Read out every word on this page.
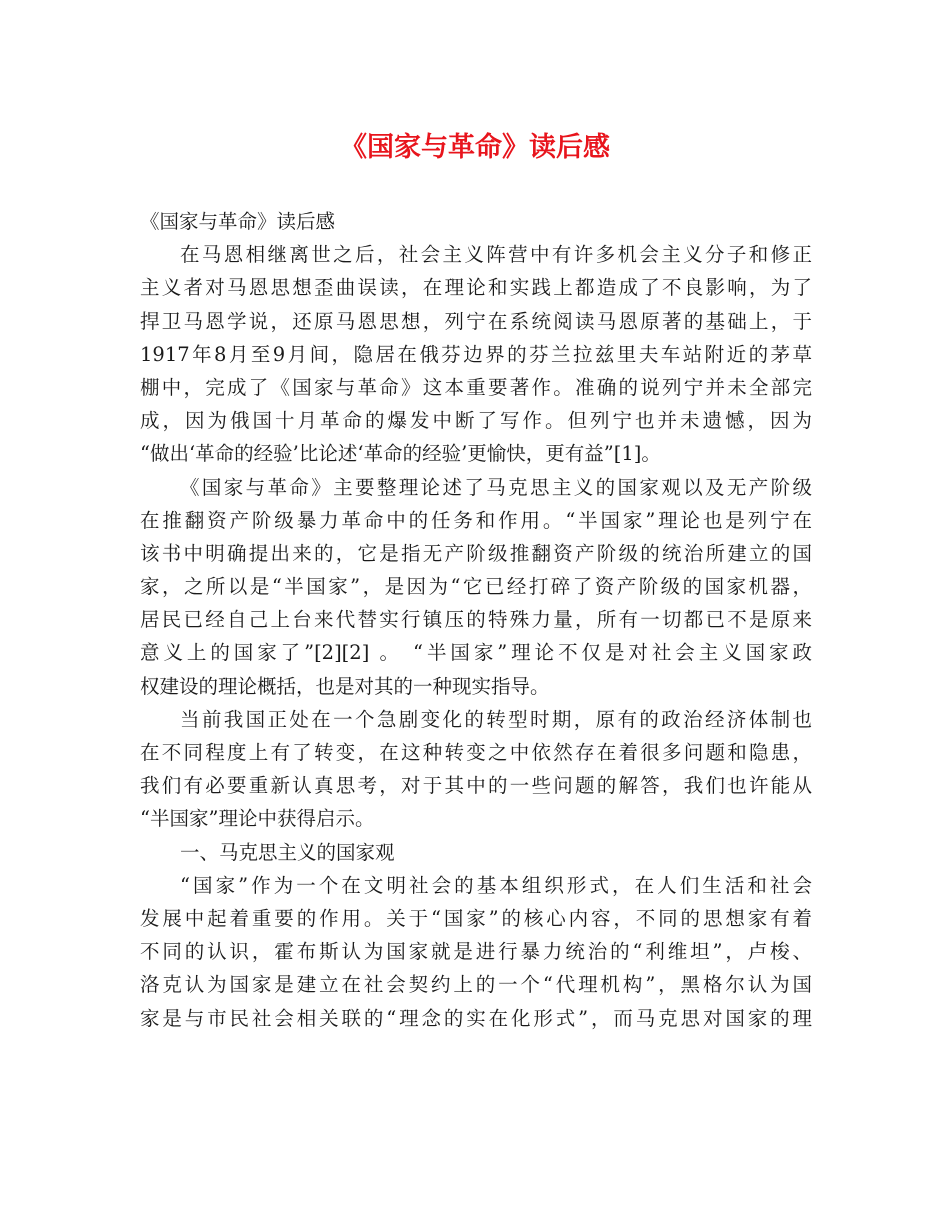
《国家与革命》读后感
《国家与革命》读后感
在马恩相继离世之后，社会主义阵营中有许多机会主义分子和修正
主义者对马恩思想歪曲误读，在理论和实践上都造成了不良影响，为了
捍卫马恩学说，还原马恩思想，列宁在系统阅读马恩原著的基础上，于
1917年8月至9月间，隐居在俄芬边界的芬兰拉兹里夫车站附近的茅草
棚中，完成了《国家与革命》这本重要著作。准确的说列宁并未全部完
成，因为俄国十月革命的爆发中断了写作。但列宁也并未遗憾，因为
“做出‘革命的经验’比论述‘革命的经验’更愉快，更有益”[1]。
《国家与革命》主要整理论述了马克思主义的国家观以及无产阶级
在推翻资产阶级暴力革命中的任务和作用。“半国家”理论也是列宁在
该书中明确提出来的，它是指无产阶级推翻资产阶级的统治所建立的国
家，之所以是“半国家”，是因为“它已经打碎了资产阶级的国家机器，
居民已经自己上台来代替实行镇压的特殊力量，所有一切都已不是原来
意义上的国家了”[2][2] 。 “半国家”理论不仅是对社会主义国家政
权建设的理论概括，也是对其的一种现实指导。
当前我国正处在一个急剧变化的转型时期，原有的政治经济体制也
在不同程度上有了转变，在这种转变之中依然存在着很多问题和隐患，
我们有必要重新认真思考，对于其中的一些问题的解答，我们也许能从
“半国家”理论中获得启示。
一、马克思主义的国家观
“国家”作为一个在文明社会的基本组织形式，在人们生活和社会
发展中起着重要的作用。关于“国家”的核心内容，不同的思想家有着
不同的认识，霍布斯认为国家就是进行暴力统治的“利维坦”，卢梭、
洛克认为国家是建立在社会契约上的一个“代理机构”，黑格尔认为国
家是与市民社会相关联的“理念的实在化形式”，而马克思对国家的理
